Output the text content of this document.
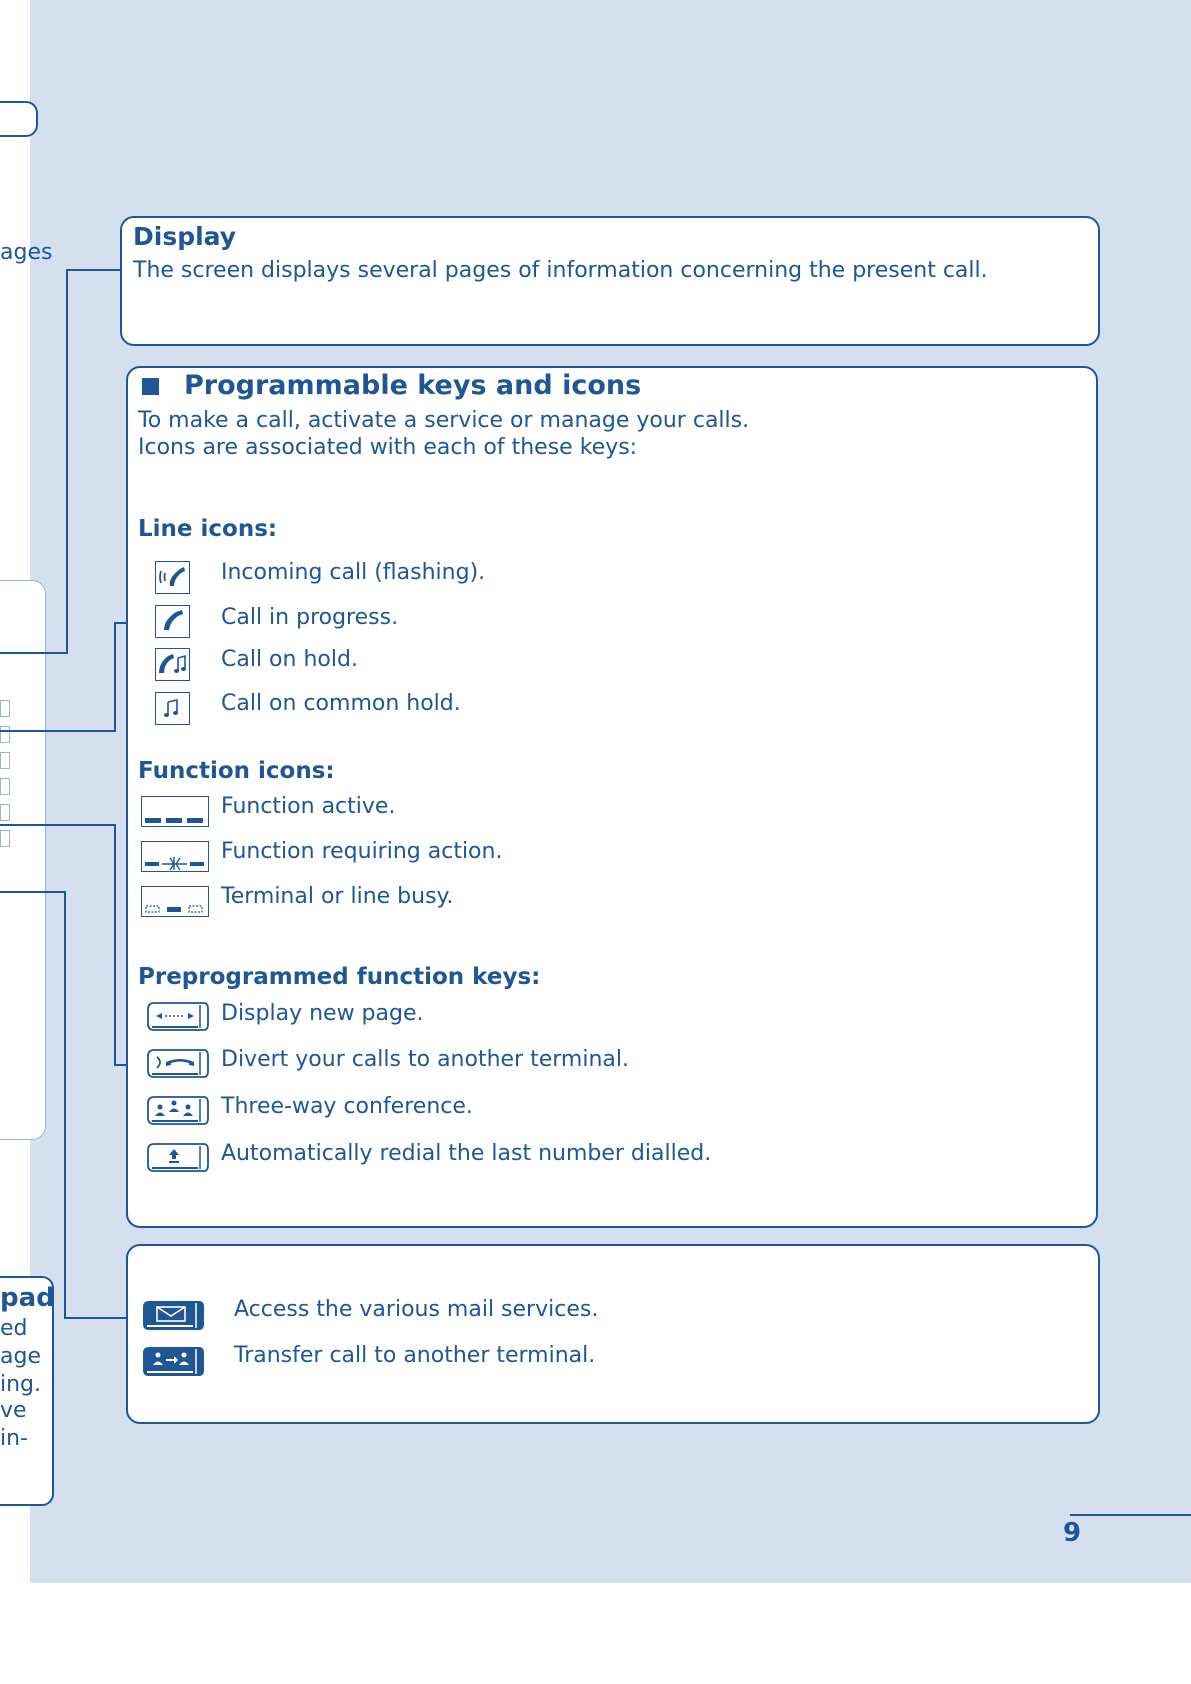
ages
pad
ed
age
ing.
ve
in-
Display
The screen displays several pages of information concerning the present call.
Programmable keys and icons
To make a call, activate a service or manage your calls.
Icons are associated with each of these keys:
Line icons:
Incoming call (flashing).
Call in progress.
Call on hold.
Call on common hold.
Function icons:
Function active.
Function requiring action.
Terminal or line busy.
Preprogrammed function keys:
Display new page.
Divert your calls to another terminal.
Three-way conference.
Automatically redial the last number dialled.
Access the various mail services.
Transfer call to another terminal.
9
